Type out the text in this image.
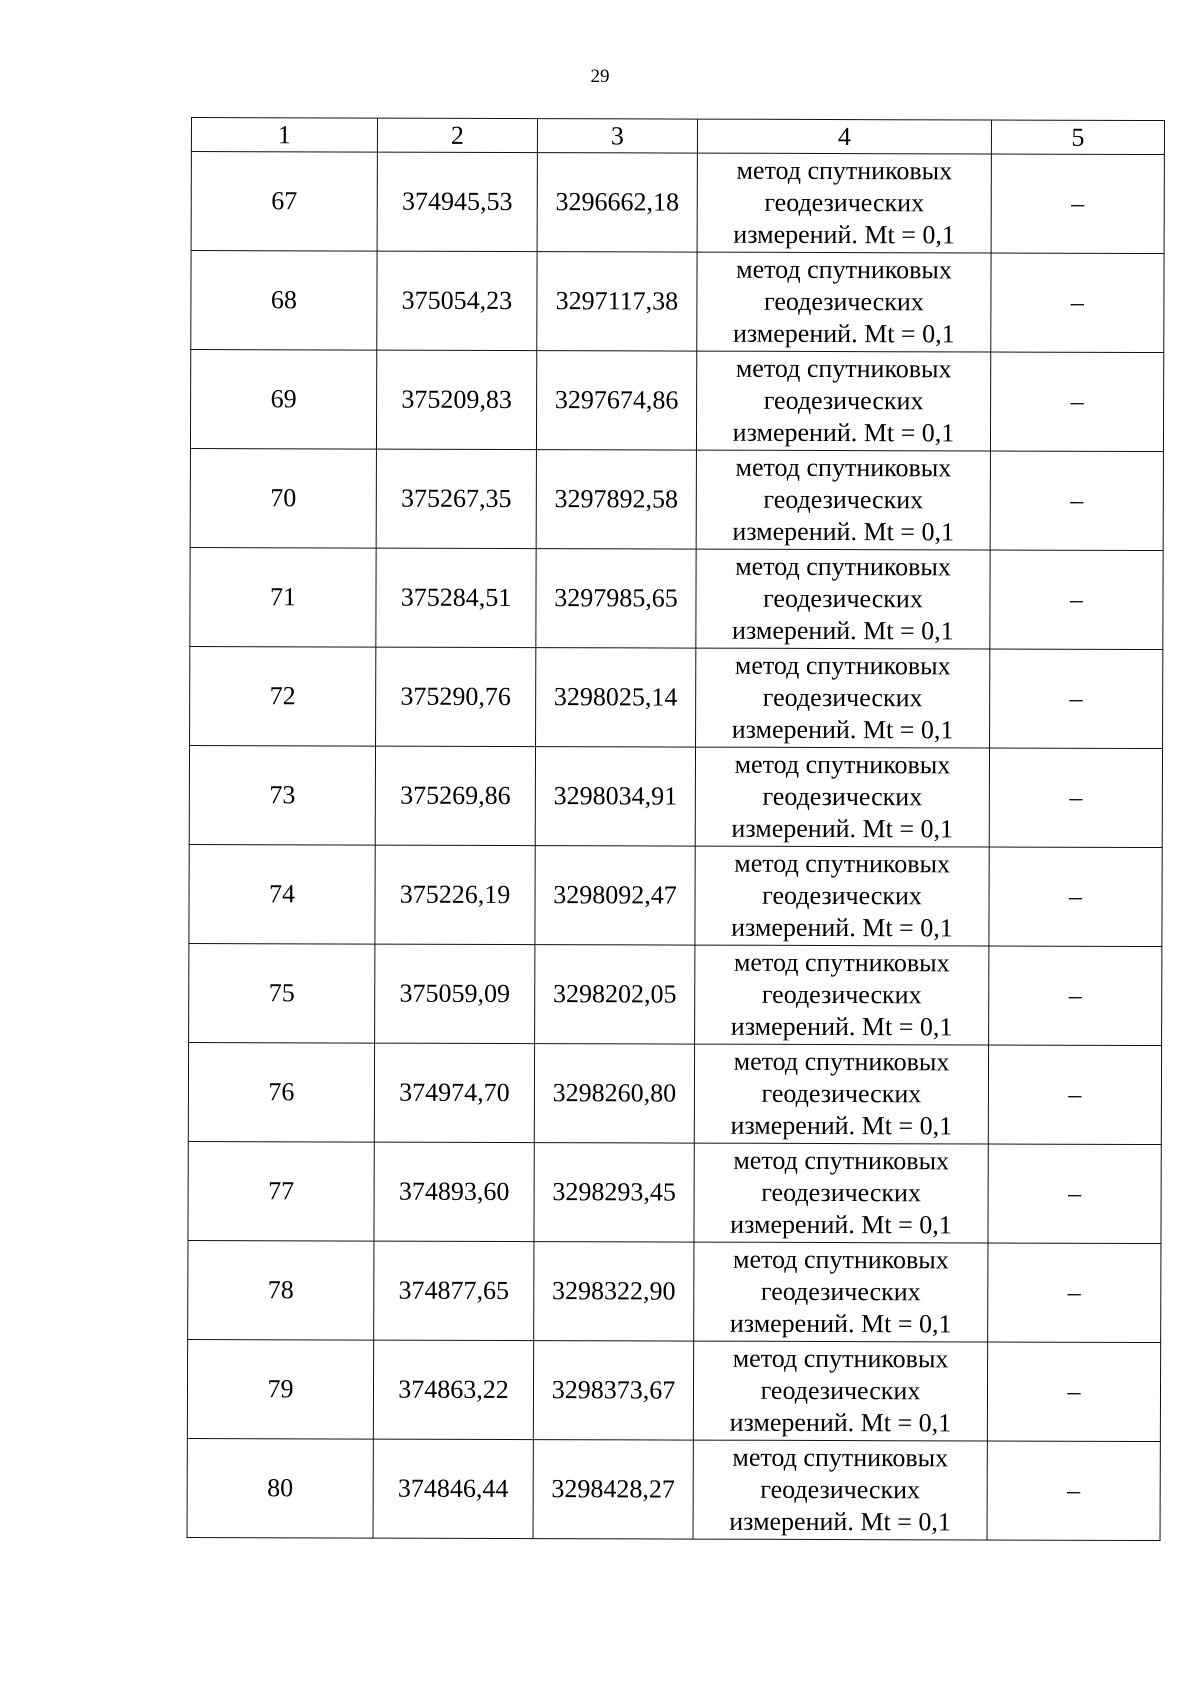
29
1	2	3	4	5
67	374945,53	3296662,18	метод спутниковых
геодезических
измерений. Mt = 0,1	–
68	375054,23	3297117,38	метод спутниковых
геодезических
измерений. Mt = 0,1	–
69	375209,83	3297674,86	метод спутниковых
геодезических
измерений. Mt = 0,1	–
70	375267,35	3297892,58	метод спутниковых
геодезических
измерений. Mt = 0,1	–
71	375284,51	3297985,65	метод спутниковых
геодезических
измерений. Mt = 0,1	–
72	375290,76	3298025,14	метод спутниковых
геодезических
измерений. Mt = 0,1	–
73	375269,86	3298034,91	метод спутниковых
геодезических
измерений. Mt = 0,1	–
74	375226,19	3298092,47	метод спутниковых
геодезических
измерений. Mt = 0,1	–
75	375059,09	3298202,05	метод спутниковых
геодезических
измерений. Mt = 0,1	–
76	374974,70	3298260,80	метод спутниковых
геодезических
измерений. Mt = 0,1	–
77	374893,60	3298293,45	метод спутниковых
геодезических
измерений. Mt = 0,1	–
78	374877,65	3298322,90	метод спутниковых
геодезических
измерений. Mt = 0,1	–
79	374863,22	3298373,67	метод спутниковых
геодезических
измерений. Mt = 0,1	–
80	374846,44	3298428,27	метод спутниковых
геодезических
измерений. Mt = 0,1	–
